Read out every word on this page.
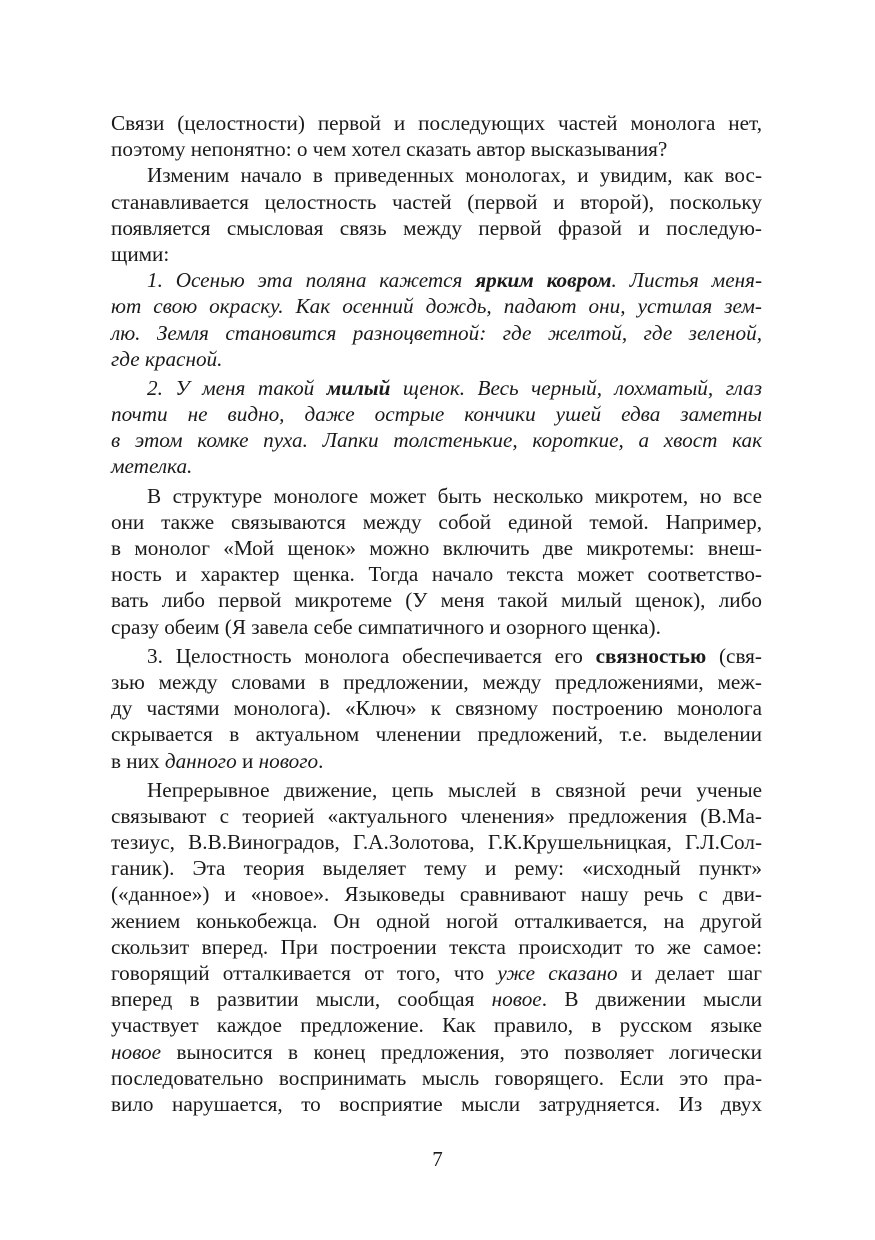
Связи (целостности) первой и последующих частей монолога нет,
поэтому непонятно: о чем хотел сказать автор высказывания?
Изменим начало в приведенных монологах, и увидим, как вос-
станавливается целостность частей (первой и второй), поскольку
появляется смысловая связь между первой фразой и последую-
щими:
1. Осенью эта поляна кажется ярким ковром. Листья меня-
ют свою окраску. Как осенний дождь, падают они, устилая зем-
лю. Земля становится разноцветной: где желтой, где зеленой,
где красной.
2. У меня такой милый щенок. Весь черный, лохматый, глаз
почти не видно, даже острые кончики ушей едва заметны
в этом комке пуха. Лапки толстенькие, короткие, а хвост как
метелка.
В структуре монологе может быть несколько микротем, но все
они также связываются между собой единой темой. Например,
в монолог «Мой щенок» можно включить две микротемы: внеш-
ность и характер щенка. Тогда начало текста может соответство-
вать либо первой микротеме (У меня такой милый щенок), либо
сразу обеим (Я завела себе симпатичного и озорного щенка).
3. Целостность монолога обеспечивается его связностью (свя-
зью между словами в предложении, между предложениями, меж-
ду частями монолога). «Ключ» к связному построению монолога
скрывается в актуальном членении предложений, т.е. выделении
в них данного и нового.
Непрерывное движение, цепь мыслей в связной речи ученые
связывают с теорией «актуального членения» предложения (В.Ма-
тезиус, В.В.Виноградов, Г.А.Золотова, Г.К.Крушельницкая, Г.Л.Сол-
ганик). Эта теория выделяет тему и рему: «исходный пункт»
(«данное») и «новое». Языковеды сравнивают нашу речь с дви-
жением конькобежца. Он одной ногой отталкивается, на другой
скользит вперед. При построении текста происходит то же самое:
говорящий отталкивается от того, что уже сказано и делает шаг
вперед в развитии мысли, сообщая новое. В движении мысли
участвует каждое предложение. Как правило, в русском языке
новое выносится в конец предложения, это позволяет логически
последовательно воспринимать мысль говорящего. Если это пра-
вило нарушается, то восприятие мысли затрудняется. Из двух
7
